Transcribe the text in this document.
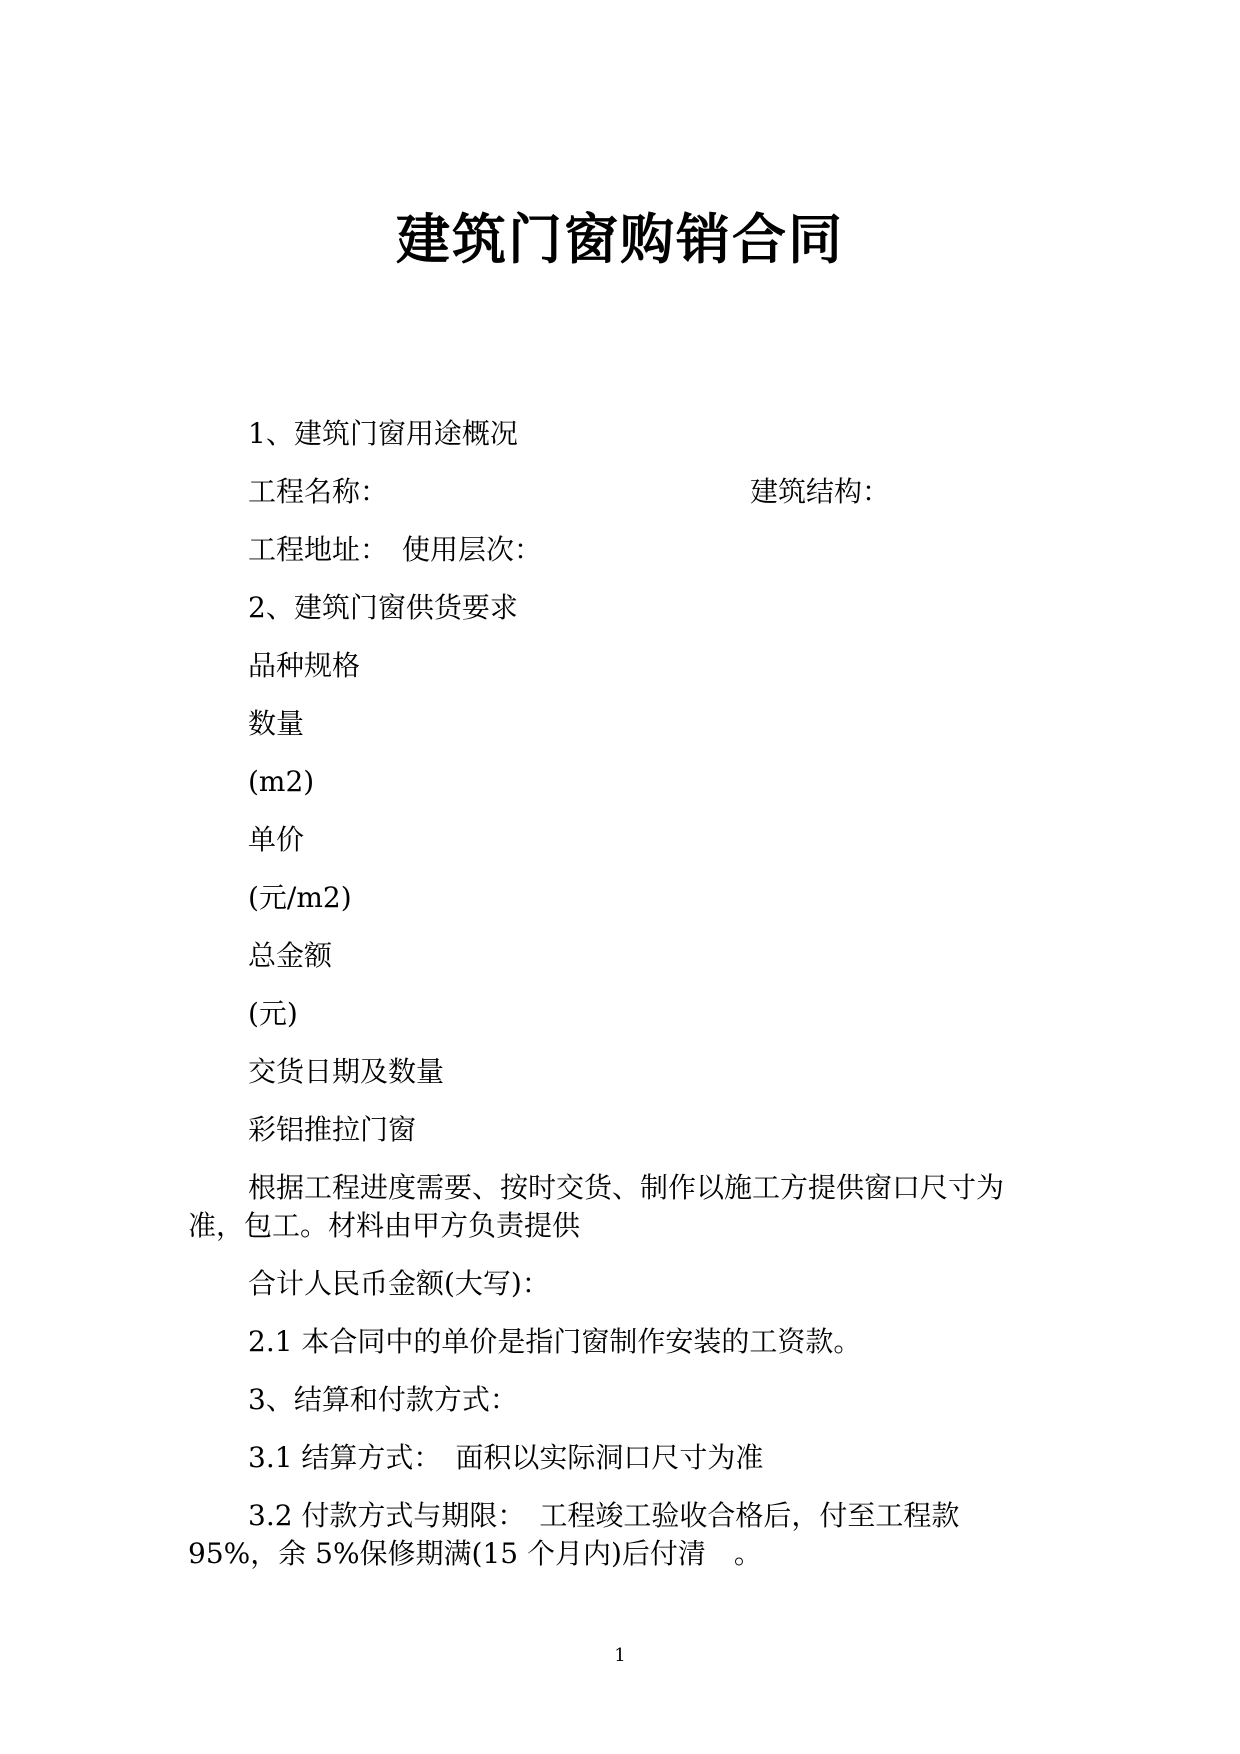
建筑门窗购销合同
1、建筑门窗用途概况
工程名称：	建筑结构：
工程地址：　使用层次：
2、建筑门窗供货要求
品种规格
数量
(m2)
单价
(元/m2)
总金额
(元)
交货日期及数量
彩铝推拉门窗
根据工程进度需要、按时交货、制作以施工方提供窗口尺寸为
准，包工。材料由甲方负责提供
合计人民币金额(大写)：
2.1 本合同中的单价是指门窗制作安装的工资款。
3、结算和付款方式：
3.1 结算方式：　面积以实际洞口尺寸为准
3.2 付款方式与期限：　工程竣工验收合格后，付至工程款
95%，余 5%保修期满(15 个月内)后付清　。
1
